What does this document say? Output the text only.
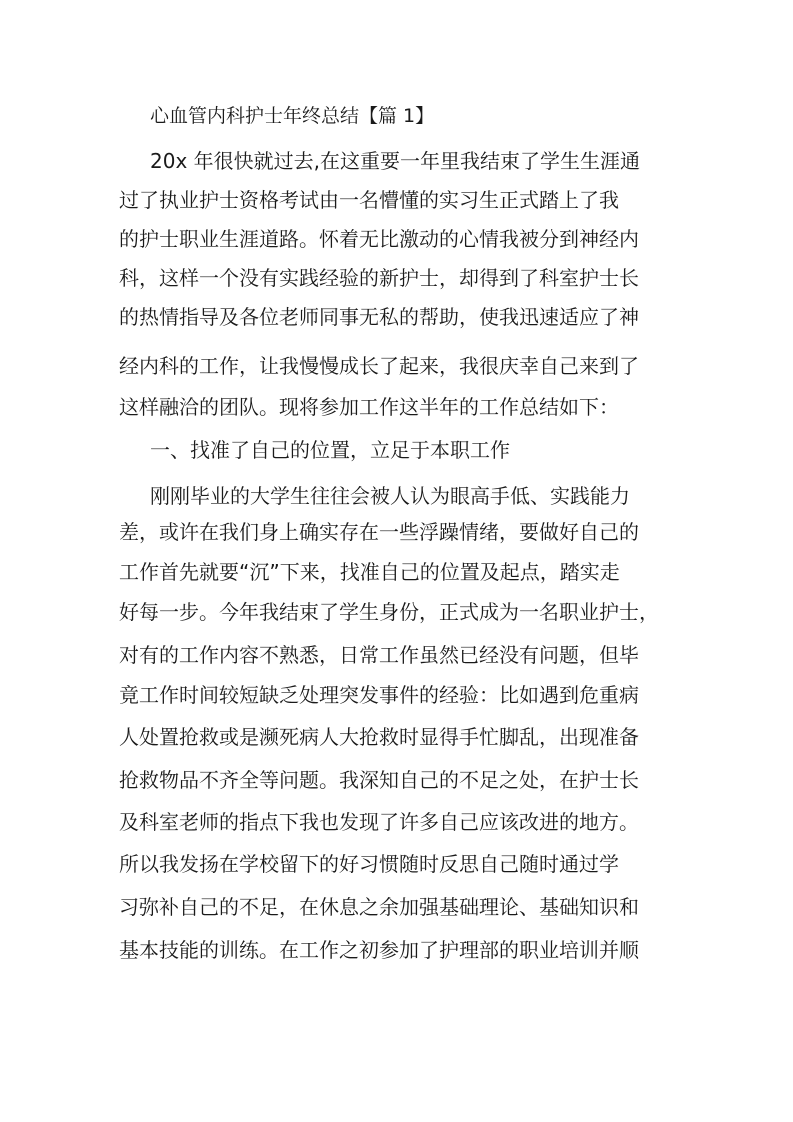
心血管内科护士年终总结【篇 1】
20x 年很快就过去,在这重要一年里我结束了学生生涯通
过了执业护士资格考试由一名懵懂的实习生正式踏上了我
的护士职业生涯道路。怀着无比激动的心情我被分到神经内
科，这样一个没有实践经验的新护士，却得到了科室护士长
的热情指导及各位老师同事无私的帮助，使我迅速适应了神
经内科的工作，让我慢慢成长了起来，我很庆幸自己来到了
这样融洽的团队。现将参加工作这半年的工作总结如下：
一、找准了自己的位置，立足于本职工作
刚刚毕业的大学生往往会被人认为眼高手低、实践能力
差，或许在我们身上确实存在一些浮躁情绪，要做好自己的
工作首先就要“沉”下来，找准自己的位置及起点，踏实走
好每一步。今年我结束了学生身份，正式成为一名职业护士，
对有的工作内容不熟悉，日常工作虽然已经没有问题，但毕
竟工作时间较短缺乏处理突发事件的经验：比如遇到危重病
人处置抢救或是濒死病人大抢救时显得手忙脚乱，出现准备
抢救物品不齐全等问题。我深知自己的不足之处，在护士长
及科室老师的指点下我也发现了许多自己应该改进的地方。
所以我发扬在学校留下的好习惯随时反思自己随时通过学
习弥补自己的不足，在休息之余加强基础理论、基础知识和
基本技能的训练。在工作之初参加了护理部的职业培训并顺
